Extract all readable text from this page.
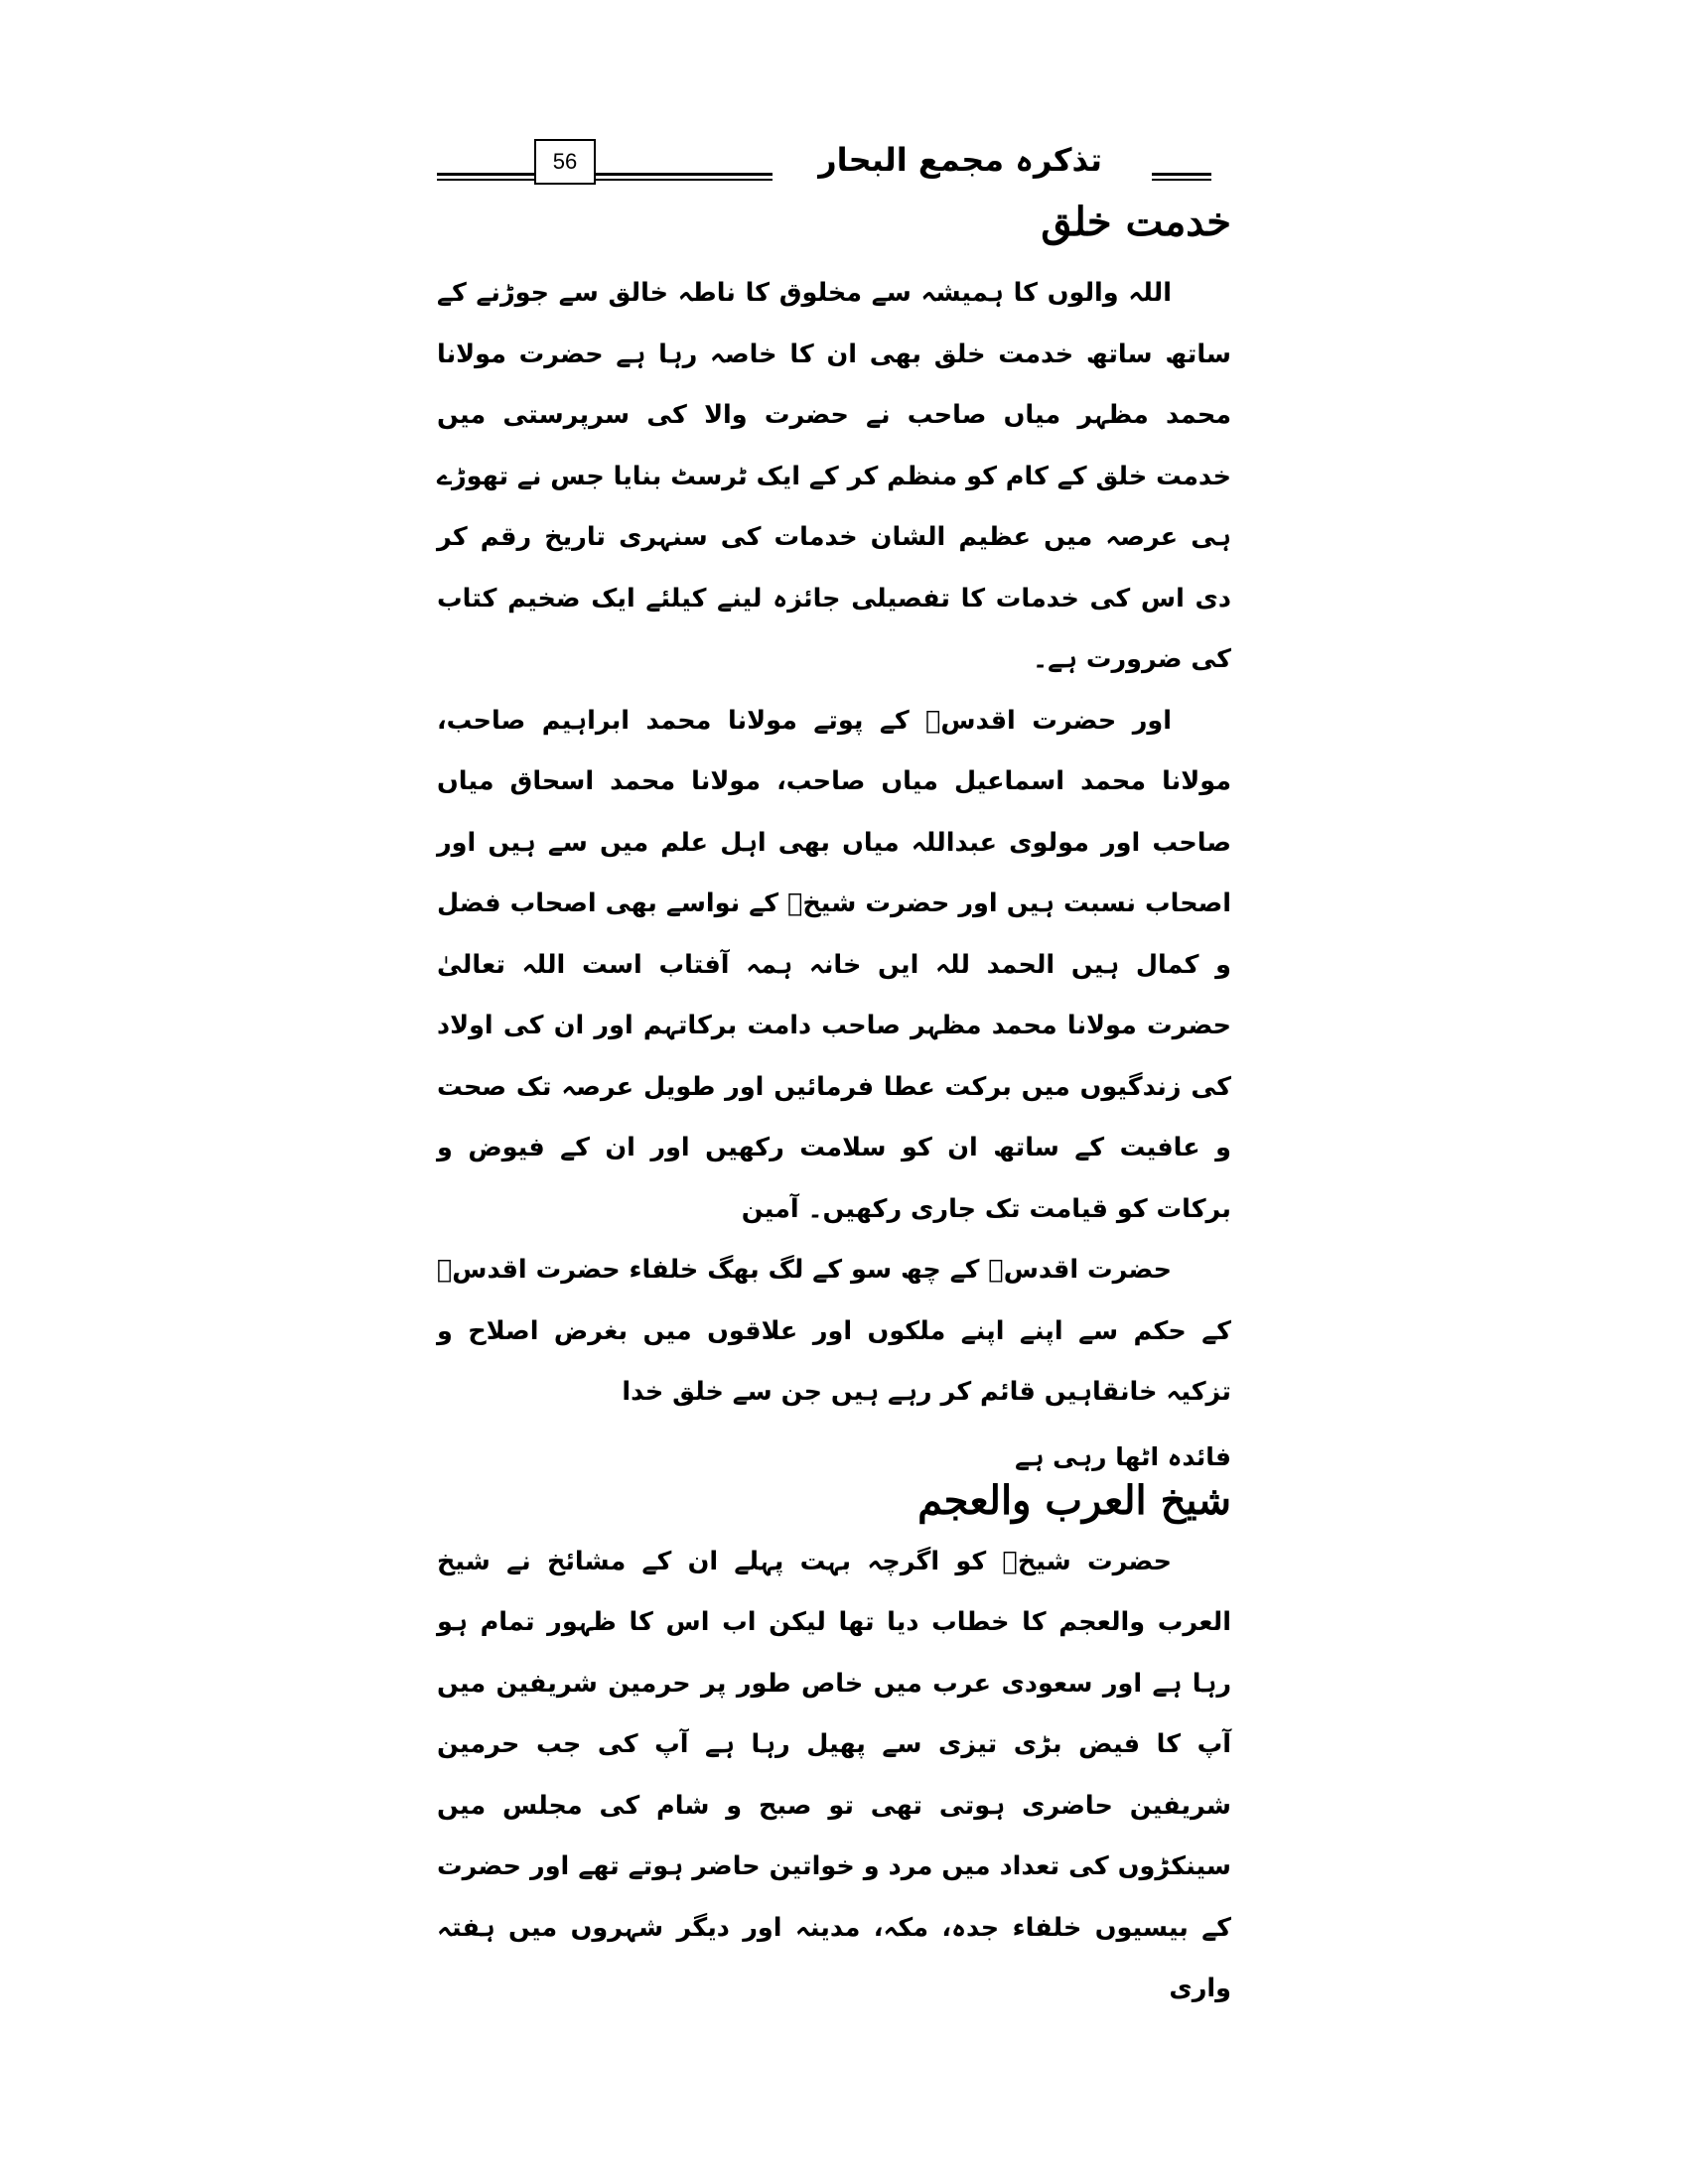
تذکرہ مجمع البحار
56
خدمت خلق

اللہ والوں کا ہمیشہ سے مخلوق کا ناطہ خالق سے جوڑنے کے ساتھ ساتھ خدمت خلق بھی ان کا خاصہ رہا ہے حضرت مولانا محمد مظہر میاں صاحب نے حضرت والا کی سرپرستی میں خدمت خلق کے کام کو منظم کر کے ایک ٹرسٹ بنایا جس نے تھوڑے ہی عرصہ میں عظیم الشان خدمات کی سنہری تاریخ رقم کر دی اس کی خدمات کا تفصیلی جائزہ لینے کیلئے ایک ضخیم کتاب کی ضرورت ہے۔

اور حضرت اقدسؒ کے پوتے مولانا محمد ابراہیم صاحب، مولانا محمد اسماعیل میاں صاحب، مولانا محمد اسحاق میاں صاحب اور مولوی عبداللہ میاں بھی اہل علم میں سے ہیں اور اصحاب نسبت ہیں اور حضرت شیخؒ کے نواسے بھی اصحاب فضل و کمال ہیں الحمد للہ ایں خانہ ہمہ آفتاب است اللہ تعالیٰ حضرت مولانا محمد مظہر صاحب دامت برکاتہم اور ان کی اولاد کی زندگیوں میں برکت عطا فرمائیں اور طویل عرصہ تک صحت و عافیت کے ساتھ ان کو سلامت رکھیں اور ان کے فیوض و برکات کو قیامت تک جاری رکھیں۔ آمین

حضرت اقدسؒ کے چھ سو کے لگ بھگ خلفاء حضرت اقدسؒ کے حکم سے اپنے اپنے ملکوں اور علاقوں میں بغرض اصلاح و تزکیہ خانقاہیں قائم کر رہے ہیں جن سے خلق خدا

فائدہ اٹھا رہی ہے

شیخ العرب والعجم

حضرت شیخؒ کو اگرچہ بہت پہلے ان کے مشائخ نے شیخ العرب والعجم کا خطاب دیا تھا لیکن اب اس کا ظہور تمام ہو رہا ہے اور سعودی عرب میں خاص طور پر حرمین شریفین میں آپ کا فیض بڑی تیزی سے پھیل رہا ہے آپ کی جب حرمین شریفین حاضری ہوتی تھی تو صبح و شام کی مجلس میں سینکڑوں کی تعداد میں مرد و خواتین حاضر ہوتے تھے اور حضرت کے بیسیوں خلفاء جدہ، مکہ، مدینہ اور دیگر شہروں میں ہفتہ واری
